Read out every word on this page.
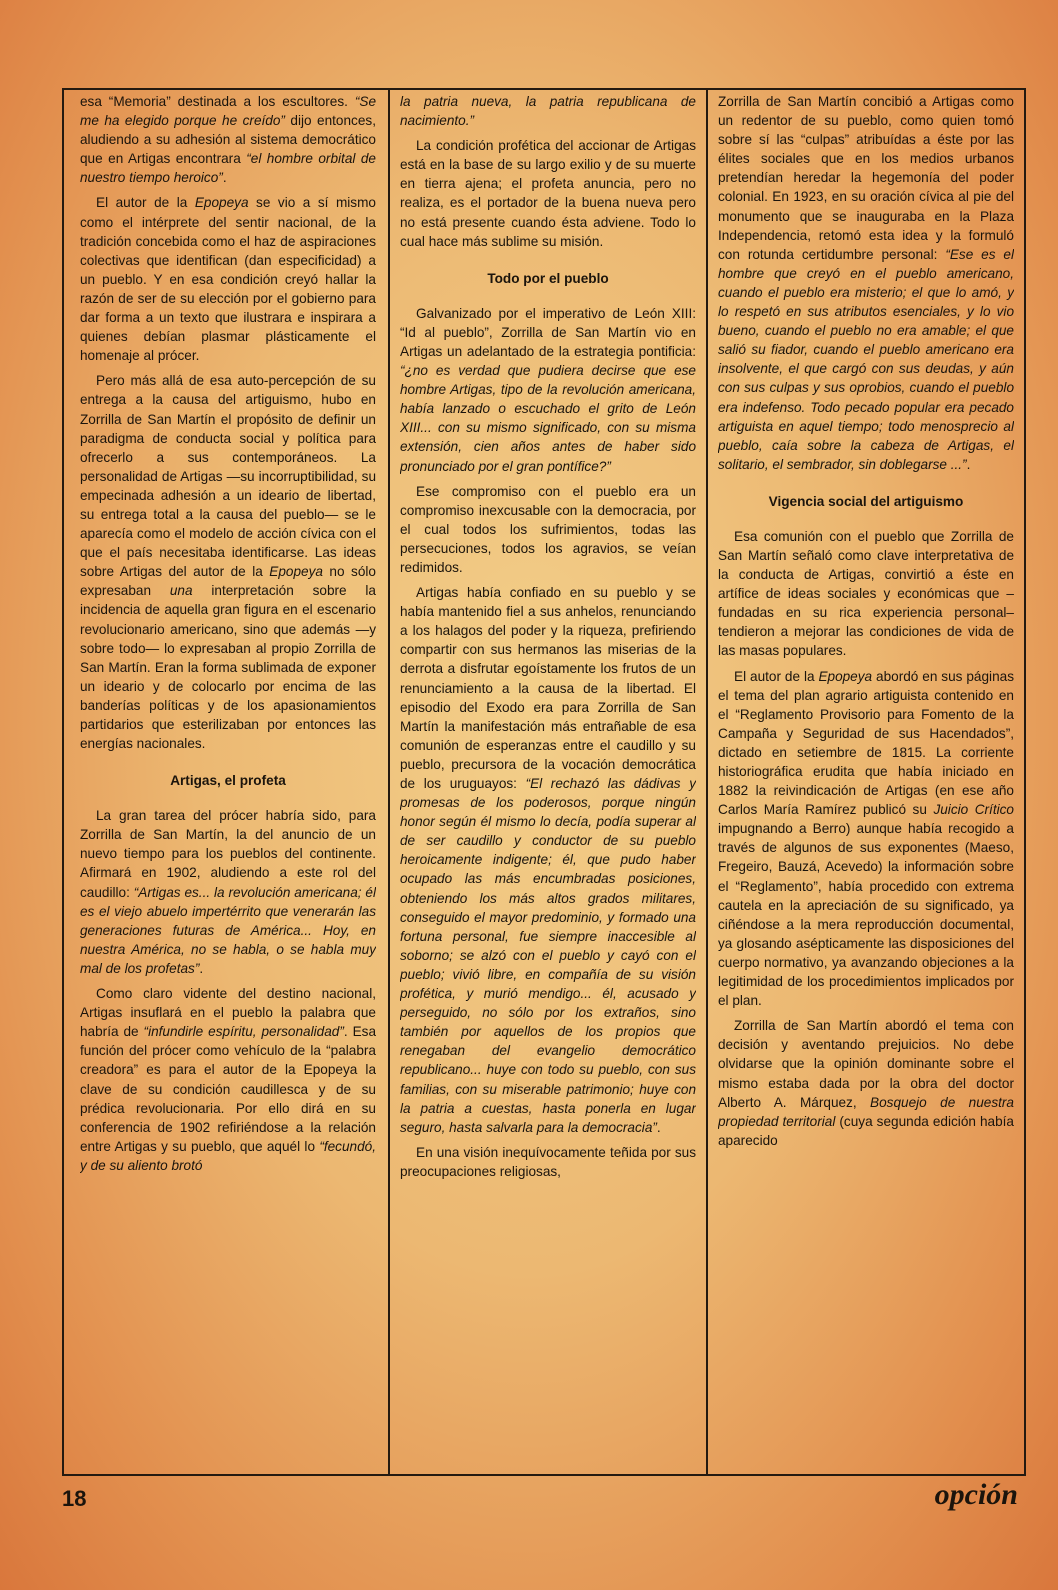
esa “Memoria” destinada a los escultores. “Se me ha elegido porque he creído” dijo entonces, aludiendo a su adhesión al sistema democrático que en Artigas encontrara “el hombre orbital de nuestro tiempo heroico”.

El autor de la Epopeya se vio a sí mismo como el intérprete del sentir nacional, de la tradición concebida como el haz de aspiraciones colectivas que identifican (dan especificidad) a un pueblo. Y en esa condición creyó hallar la razón de ser de su elección por el gobierno para dar forma a un texto que ilustrara e inspirara a quienes debían plasmar plásticamente el homenaje al prócer.

Pero más allá de esa auto-percepción de su entrega a la causa del artiguismo, hubo en Zorrilla de San Martín el propósito de definir un paradigma de conducta social y política para ofrecerlo a sus contemporáneos. La personalidad de Artigas —su incorruptibilidad, su empecinada adhesión a un ideario de libertad, su entrega total a la causa del pueblo— se le aparecía como el modelo de acción cívica con el que el país necesitaba identificarse. Las ideas sobre Artigas del autor de la Epopeya no sólo expresaban una interpretación sobre la incidencia de aquella gran figura en el escenario revolucionario americano, sino que además —y sobre todo— lo expresaban al propio Zorrilla de San Martín. Eran la forma sublimada de exponer un ideario y de colocarlo por encima de las banderías políticas y de los apasionamientos partidarios que esterilizaban por entonces las energías nacionales.

Artigas, el profeta

La gran tarea del prócer habría sido, para Zorrilla de San Martín, la del anuncio de un nuevo tiempo para los pueblos del continente. Afirmará en 1902, aludiendo a este rol del caudillo: “Artigas es... la revolución americana; él es el viejo abuelo impertérrito que venerarán las generaciones futuras de América... Hoy, en nuestra América, no se habla, o se habla muy mal de los profetas”.

Como claro vidente del destino nacional, Artigas insuflará en el pueblo la palabra que habría de “infundirle espíritu, personalidad”. Esa función del prócer como vehículo de la “palabra creadora” es para el autor de la Epopeya la clave de su condición caudillesca y de su prédica revolucionaria. Por ello dirá en su conferencia de 1902 refiriéndose a la relación entre Artigas y su pueblo, que aquél lo “fecundó, y de su aliento brotó

la patria nueva, la patria republicana de nacimiento.”

La condición profética del accionar de Artigas está en la base de su largo exilio y de su muerte en tierra ajena; el profeta anuncia, pero no realiza, es el portador de la buena nueva pero no está presente cuando ésta adviene. Todo lo cual hace más sublime su misión.

Todo por el pueblo

Galvanizado por el imperativo de León XIII: “Id al pueblo”, Zorrilla de San Martín vio en Artigas un adelantado de la estrategia pontificia: “¿no es verdad que pudiera decirse que ese hombre Artigas, tipo de la revolución americana, había lanzado o escuchado el grito de León XIII... con su mismo significado, con su misma extensión, cien años antes de haber sido pronunciado por el gran pontífice?”

Ese compromiso con el pueblo era un compromiso inexcusable con la democracia, por el cual todos los sufrimientos, todas las persecuciones, todos los agravios, se veían redimidos.

Artigas había confiado en su pueblo y se había mantenido fiel a sus anhelos, renunciando a los halagos del poder y la riqueza, prefiriendo compartir con sus hermanos las miserias de la derrota a disfrutar egoístamente los frutos de un renunciamiento a la causa de la libertad. El episodio del Exodo era para Zorrilla de San Martín la manifestación más entrañable de esa comunión de esperanzas entre el caudillo y su pueblo, precursora de la vocación democrática de los uruguayos: “El rechazó las dádivas y promesas de los poderosos, porque ningún honor según él mismo lo decía, podía superar al de ser caudillo y conductor de su pueblo heroicamente indigente; él, que pudo haber ocupado las más encumbradas posiciones, obteniendo los más altos grados militares, conseguido el mayor predominio, y formado una fortuna personal, fue siempre inaccesible al soborno; se alzó con el pueblo y cayó con el pueblo; vivió libre, en compañía de su visión profética, y murió mendigo... él, acusado y perseguido, no sólo por los extraños, sino también por aquellos de los propios que renegaban del evangelio democrático republicano... huye con todo su pueblo, con sus familias, con su miserable patrimonio; huye con la patria a cuestas, hasta ponerla en lugar seguro, hasta salvarla para la democracia”.

En una visión inequívocamente teñida por sus preocupaciones religiosas,

Zorrilla de San Martín concibió a Artigas como un redentor de su pueblo, como quien tomó sobre sí las “culpas” atribuídas a éste por las élites sociales que en los medios urbanos pretendían heredar la hegemonía del poder colonial. En 1923, en su oración cívica al pie del monumento que se inauguraba en la Plaza Independencia, retomó esta idea y la formuló con rotunda certidumbre personal: “Ese es el hombre que creyó en el pueblo americano, cuando el pueblo era misterio; el que lo amó, y lo respetó en sus atributos esenciales, y lo vio bueno, cuando el pueblo no era amable; el que salió su fiador, cuando el pueblo americano era insolvente, el que cargó con sus deudas, y aún con sus culpas y sus oprobios, cuando el pueblo era indefenso. Todo pecado popular era pecado artiguista en aquel tiempo; todo menosprecio al pueblo, caía sobre la cabeza de Artigas, el solitario, el sembrador, sin doblegarse ...”.

Vigencia social del artiguismo

Esa comunión con el pueblo que Zorrilla de San Martín señaló como clave interpretativa de la conducta de Artigas, convirtió a éste en artífice de ideas sociales y económicas que –fundadas en su rica experiencia personal– tendieron a mejorar las condiciones de vida de las masas populares.

El autor de la Epopeya abordó en sus páginas el tema del plan agrario artiguista contenido en el “Reglamento Provisorio para Fomento de la Campaña y Seguridad de sus Hacendados”, dictado en setiembre de 1815. La corriente historiográfica erudita que había iniciado en 1882 la reivindicación de Artigas (en ese año Carlos María Ramírez publicó su Juicio Crítico impugnando a Berro) aunque había recogido a través de algunos de sus exponentes (Maeso, Fregeiro, Bauzá, Acevedo) la información sobre el “Reglamento”, había procedido con extrema cautela en la apreciación de su significado, ya ciñéndose a la mera reproducción documental, ya glosando asépticamente las disposiciones del cuerpo normativo, ya avanzando objeciones a la legitimidad de los procedimientos implicados por el plan.

Zorrilla de San Martín abordó el tema con decisión y aventando prejuicios. No debe olvidarse que la opinión dominante sobre el mismo estaba dada por la obra del doctor Alberto A. Márquez, Bosquejo de nuestra propiedad territorial (cuya segunda edición había aparecido

18	opción
